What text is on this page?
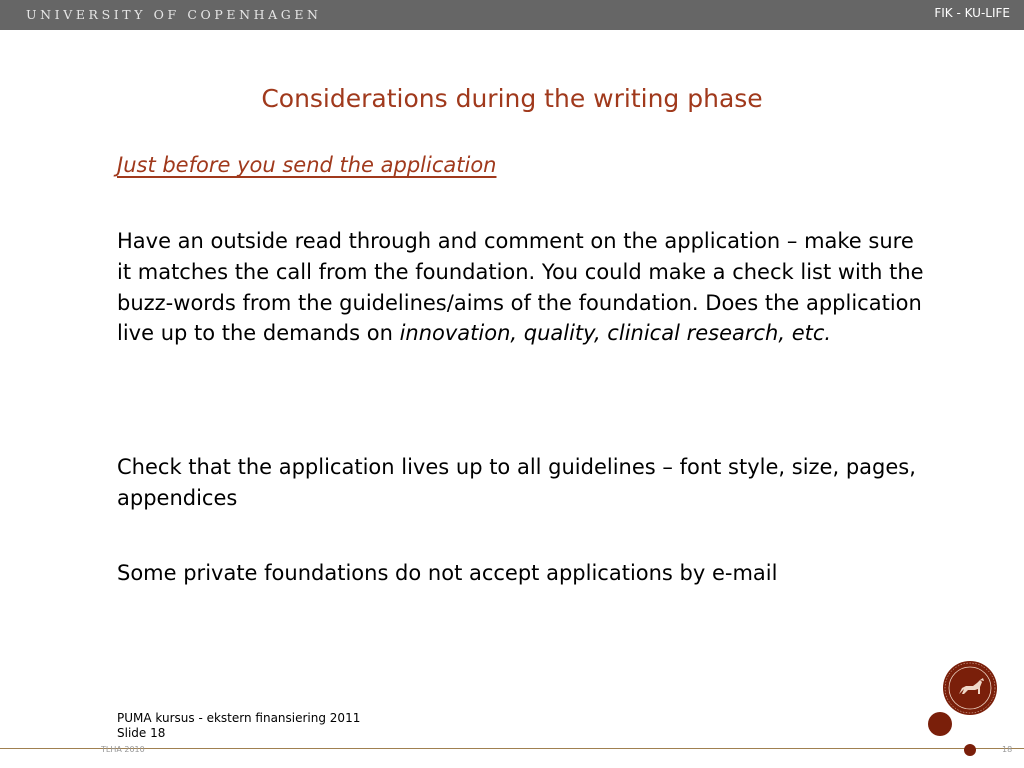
UNIVERSITY OF COPENHAGEN	FIK - KU-LIFE
Considerations during the writing phase
Just before you send the application
Have an outside read through and comment on the application – make sure it matches the call from the foundation. You could make a check list with the buzz-words from the guidelines/aims of the foundation. Does the application live up to the demands on innovation, quality, clinical research, etc.
Check that the application lives up to all guidelines – font style, size, pages, appendices
Some private foundations do not accept applications by e-mail
PUMA kursus - ekstern finansiering 2011
Slide 18
TLHA 2010	18
